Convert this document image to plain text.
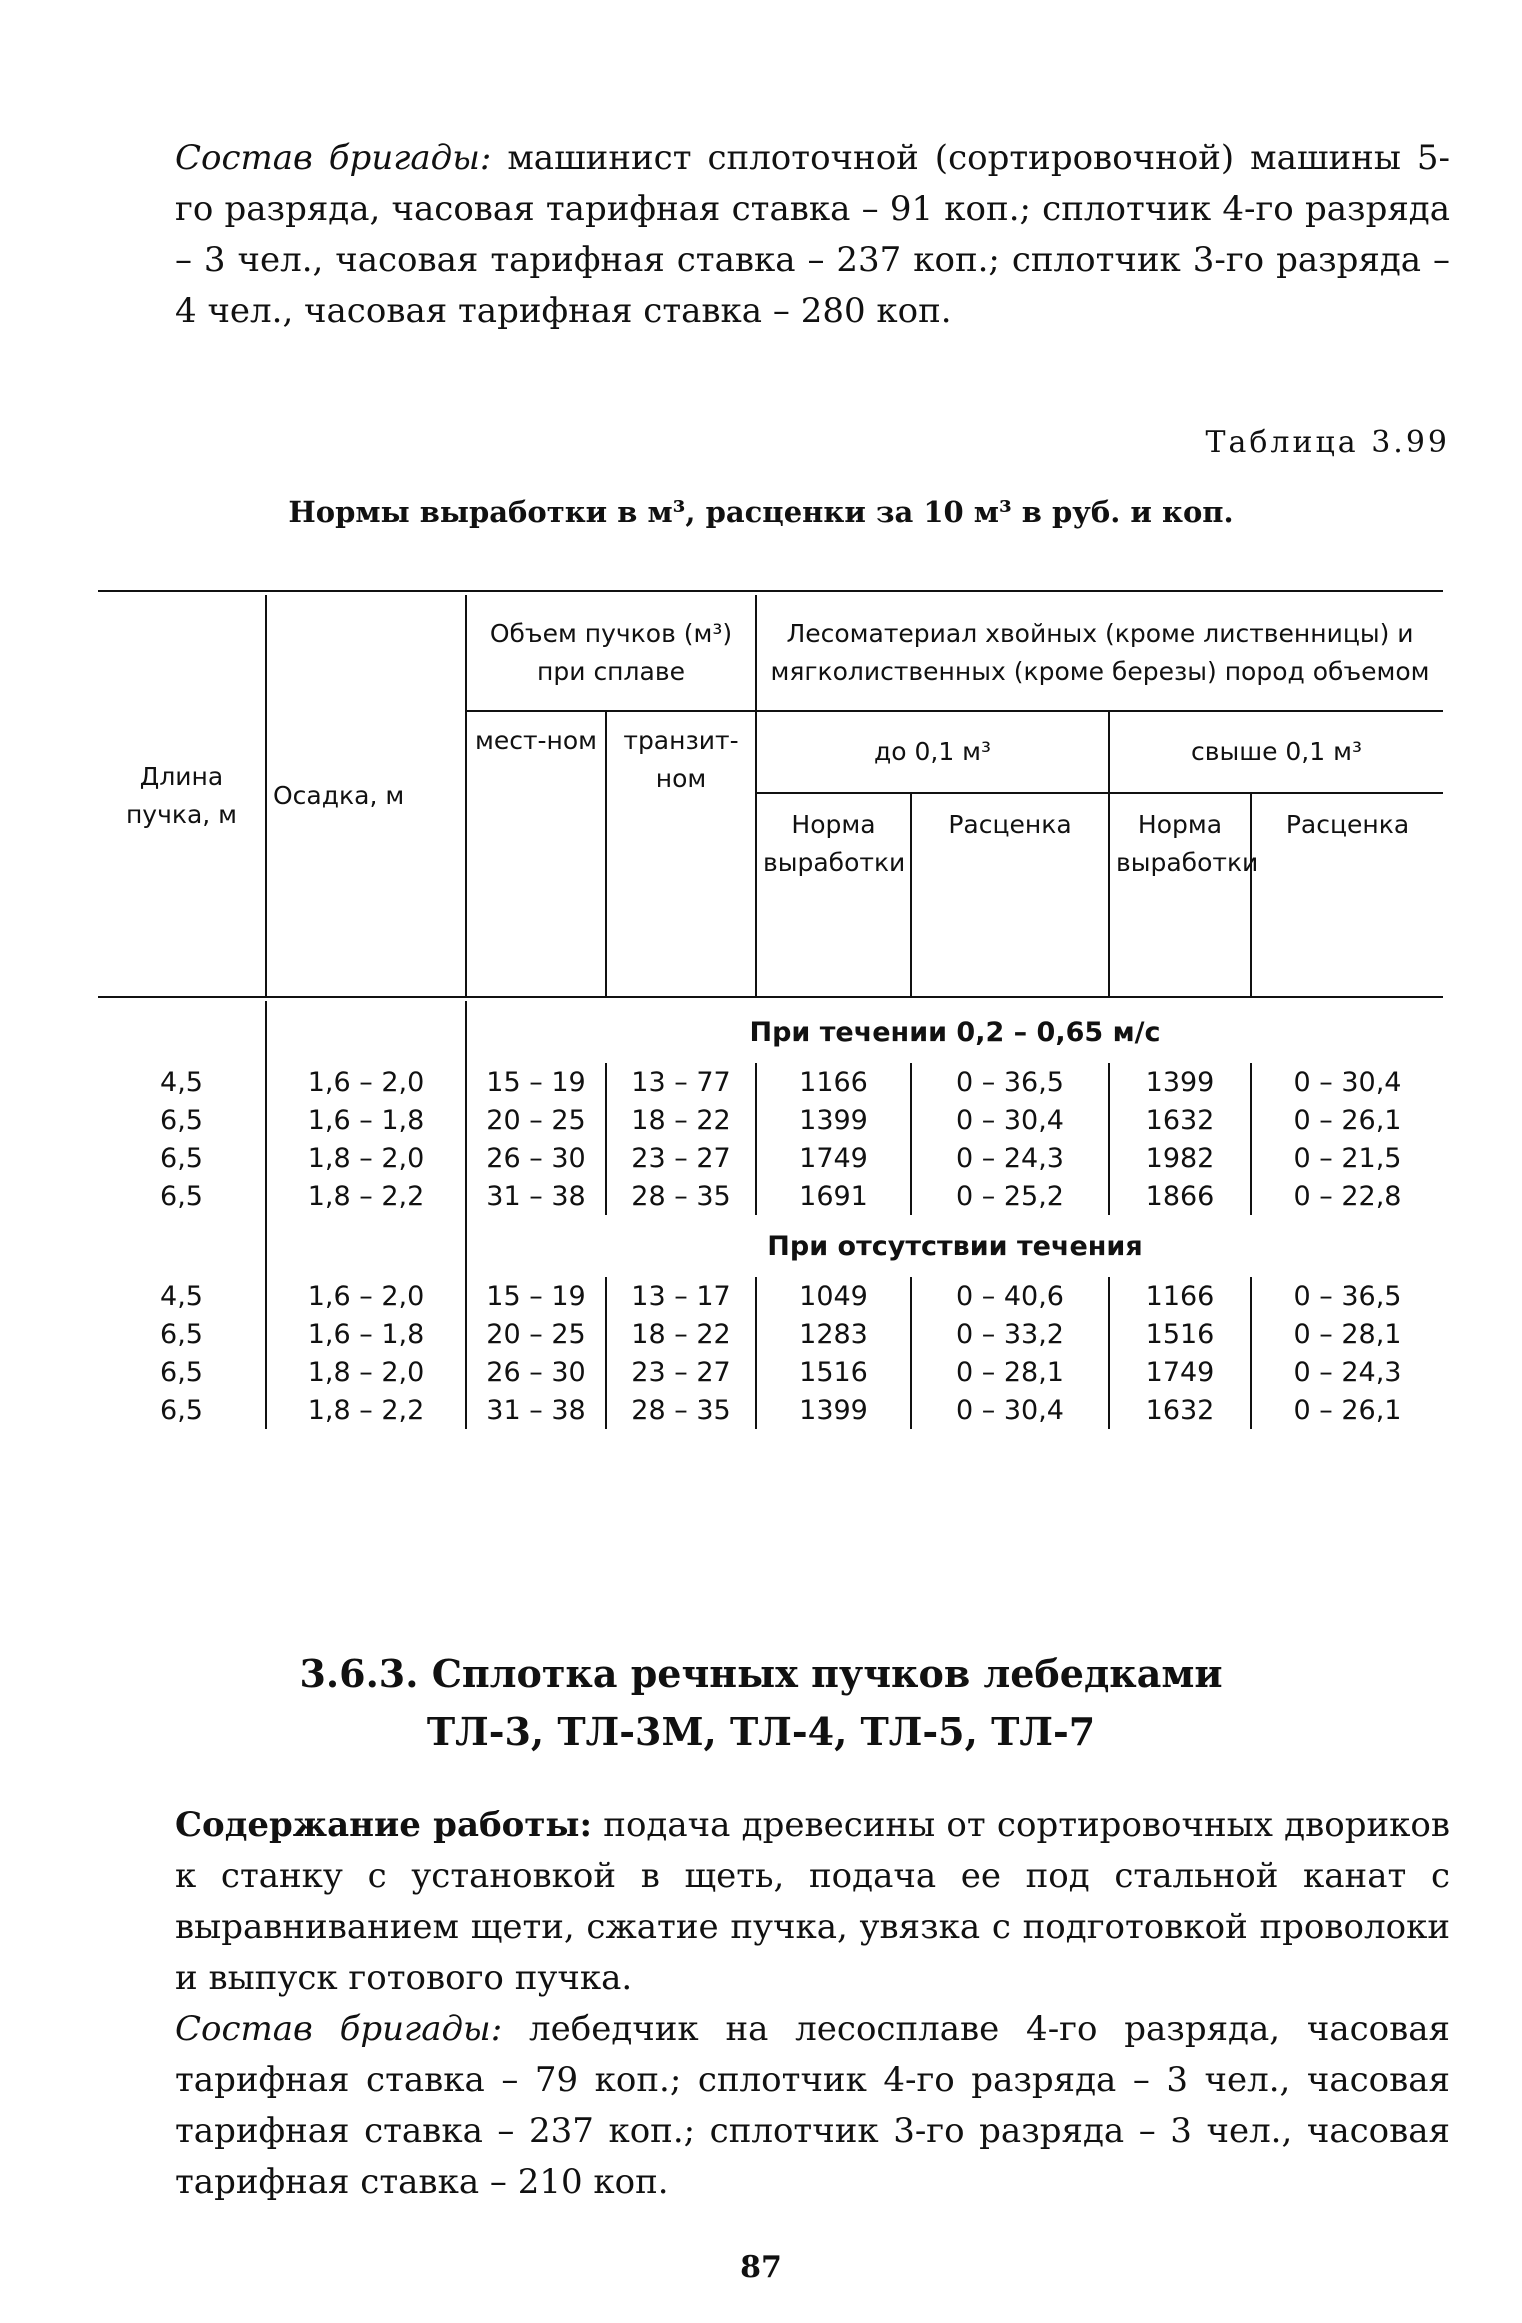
Состав бригады: машинист сплоточной (сортировочной) машины 5-го разряда, часовая тарифная ставка – 91 коп.; сплотчик 4-го разряда – 3 чел., часовая тарифная ставка – 237 коп.; сплотчик 3-го разряда – 4 чел., часовая тарифная ставка – 280 коп.

Таблица 3.99
Нормы выработки в м³, расценки за 10 м³ в руб. и коп.

Длина пучка, м	Осадка, м	Объем пучков (м³) при сплаве		Лесоматериал хвойных (кроме лиственницы) и мягколиственных (кроме березы) пород объемом			
		мест-ном	транзит-ном	до 0,1 м³		свыше 0,1 м³	
				Норма выработки	Расценка	Норма выработки	Расценка

		При течении 0,2 – 0,65 м/с					
4,5	1,6 – 2,0	15 – 19	13 – 77	1166	0 – 36,5	1399	0 – 30,4
6,5	1,6 – 1,8	20 – 25	18 – 22	1399	0 – 30,4	1632	0 – 26,1
6,5	1,8 – 2,0	26 – 30	23 – 27	1749	0 – 24,3	1982	0 – 21,5
6,5	1,8 – 2,2	31 – 38	28 – 35	1691	0 – 25,2	1866	0 – 22,8
		При отсутствии течения					
4,5	1,6 – 2,0	15 – 19	13 – 17	1049	0 – 40,6	1166	0 – 36,5
6,5	1,6 – 1,8	20 – 25	18 – 22	1283	0 – 33,2	1516	0 – 28,1
6,5	1,8 – 2,0	26 – 30	23 – 27	1516	0 – 28,1	1749	0 – 24,3
6,5	1,8 – 2,2	31 – 38	28 – 35	1399	0 – 30,4	1632	0 – 26,1
3.6.3. Сплотка речных пучков лебедками
ТЛ-3, ТЛ-3М, ТЛ-4, ТЛ-5, ТЛ-7

Содержание работы: подача древесины от сортировочных двориков к станку с установкой в щеть, подача ее под стальной канат с выравниванием щети, сжатие пучка, увязка с подготовкой проволоки и выпуск готового пучка.

Состав бригады: лебедчик на лесосплаве 4-го разряда, часовая тарифная ставка – 79 коп.; сплотчик 4-го разряда – 3 чел., часовая тарифная ставка – 237 коп.; сплотчик 3-го разряда – 3 чел., часовая тарифная ставка – 210 коп.

87
